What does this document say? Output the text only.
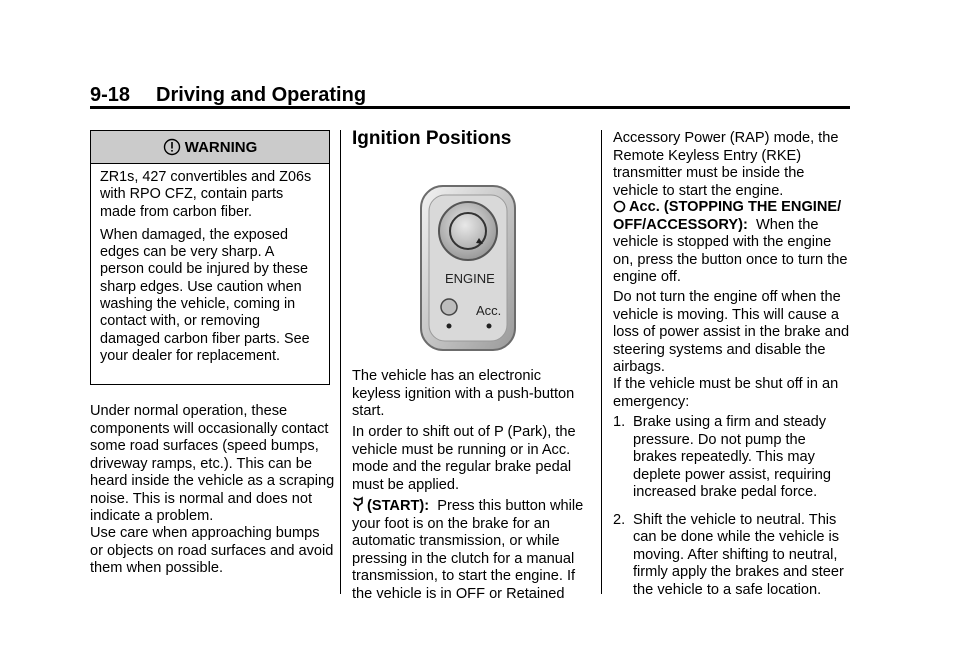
9-18 Driving and Operating
WARNING

ZR1s, 427 convertibles and Z06s with RPO CFZ, contain parts made from carbon fiber.

When damaged, the exposed edges can be very sharp. A person could be injured by these sharp edges. Use caution when washing the vehicle, coming in contact with, or removing damaged carbon fiber parts. See your dealer for replacement.

Under normal operation, these components will occasionally contact some road surfaces (speed bumps, driveway ramps, etc.). This can be heard inside the vehicle as a scraping noise. This is normal and does not indicate a problem.

Use care when approaching bumps or objects on road surfaces and avoid them when possible.

Ignition Positions
ENGINE
Acc.

The vehicle has an electronic keyless ignition with a push-button start.

In order to shift out of P (Park), the vehicle must be running or in Acc. mode and the regular brake pedal must be applied.

(START): Press this button while your foot is on the brake for an automatic transmission, or while pressing in the clutch for a manual transmission, to start the engine. If the vehicle is in OFF or Retained

Accessory Power (RAP) mode, the Remote Keyless Entry (RKE) transmitter must be inside the vehicle to start the engine.

Acc. (STOPPING THE ENGINE/ OFF/ACCESSORY): When the vehicle is stopped with the engine on, press the button once to turn the engine off.

Do not turn the engine off when the vehicle is moving. This will cause a loss of power assist in the brake and steering systems and disable the airbags.

If the vehicle must be shut off in an emergency:

1. Brake using a firm and steady pressure. Do not pump the brakes repeatedly. This may deplete power assist, requiring increased brake pedal force.
2. Shift the vehicle to neutral. This can be done while the vehicle is moving. After shifting to neutral, firmly apply the brakes and steer the vehicle to a safe location.
